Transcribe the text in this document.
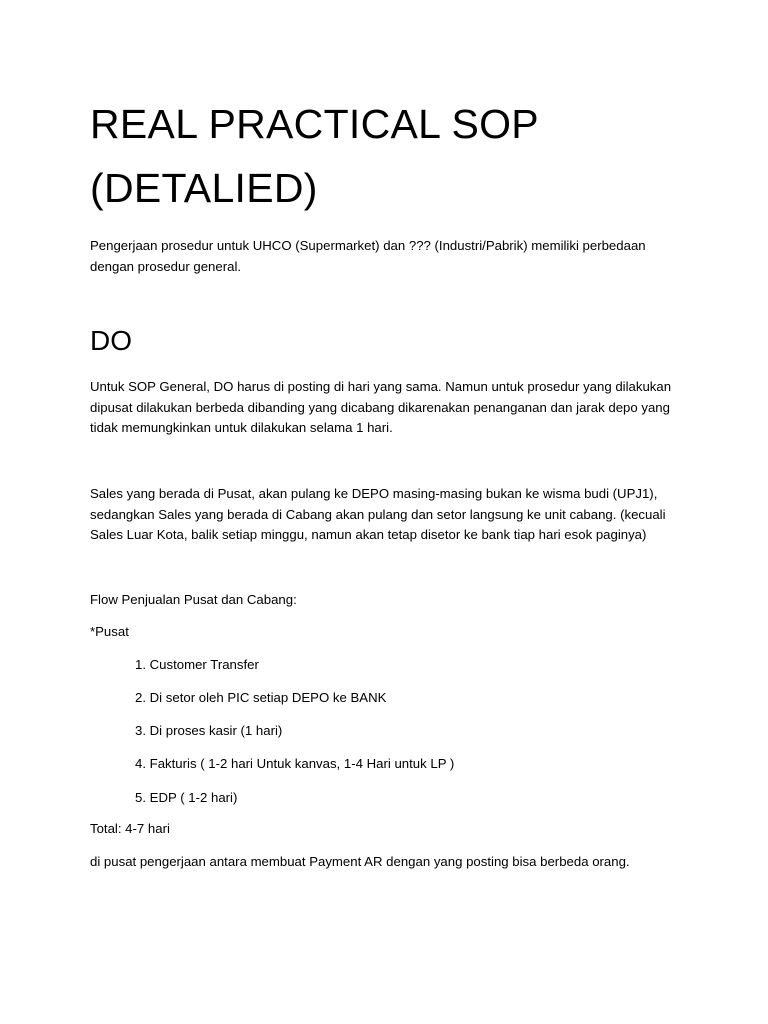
REAL PRACTICAL SOP
(DETALIED)
Pengerjaan prosedur untuk UHCO (Supermarket) dan ??? (Industri/Pabrik) memiliki perbedaan dengan prosedur general.
DO
Untuk SOP General, DO harus di posting di hari yang sama. Namun untuk prosedur yang dilakukan dipusat dilakukan berbeda dibanding yang dicabang dikarenakan penanganan dan jarak depo yang tidak memungkinkan untuk dilakukan selama 1 hari.
Sales yang berada di Pusat, akan pulang ke DEPO masing-masing bukan ke wisma budi (UPJ1), sedangkan Sales yang berada di Cabang akan pulang dan setor langsung ke unit cabang. (kecuali Sales Luar Kota, balik setiap minggu, namun akan tetap disetor ke bank tiap hari esok paginya)
Flow Penjualan Pusat dan Cabang:
*Pusat
1. Customer Transfer
2. Di setor oleh PIC setiap DEPO ke BANK
3. Di proses kasir (1 hari)
4. Fakturis ( 1-2 hari Untuk kanvas, 1-4 Hari untuk LP )
5. EDP ( 1-2 hari)
Total: 4-7 hari
di pusat pengerjaan antara membuat Payment AR dengan yang posting bisa berbeda orang.
